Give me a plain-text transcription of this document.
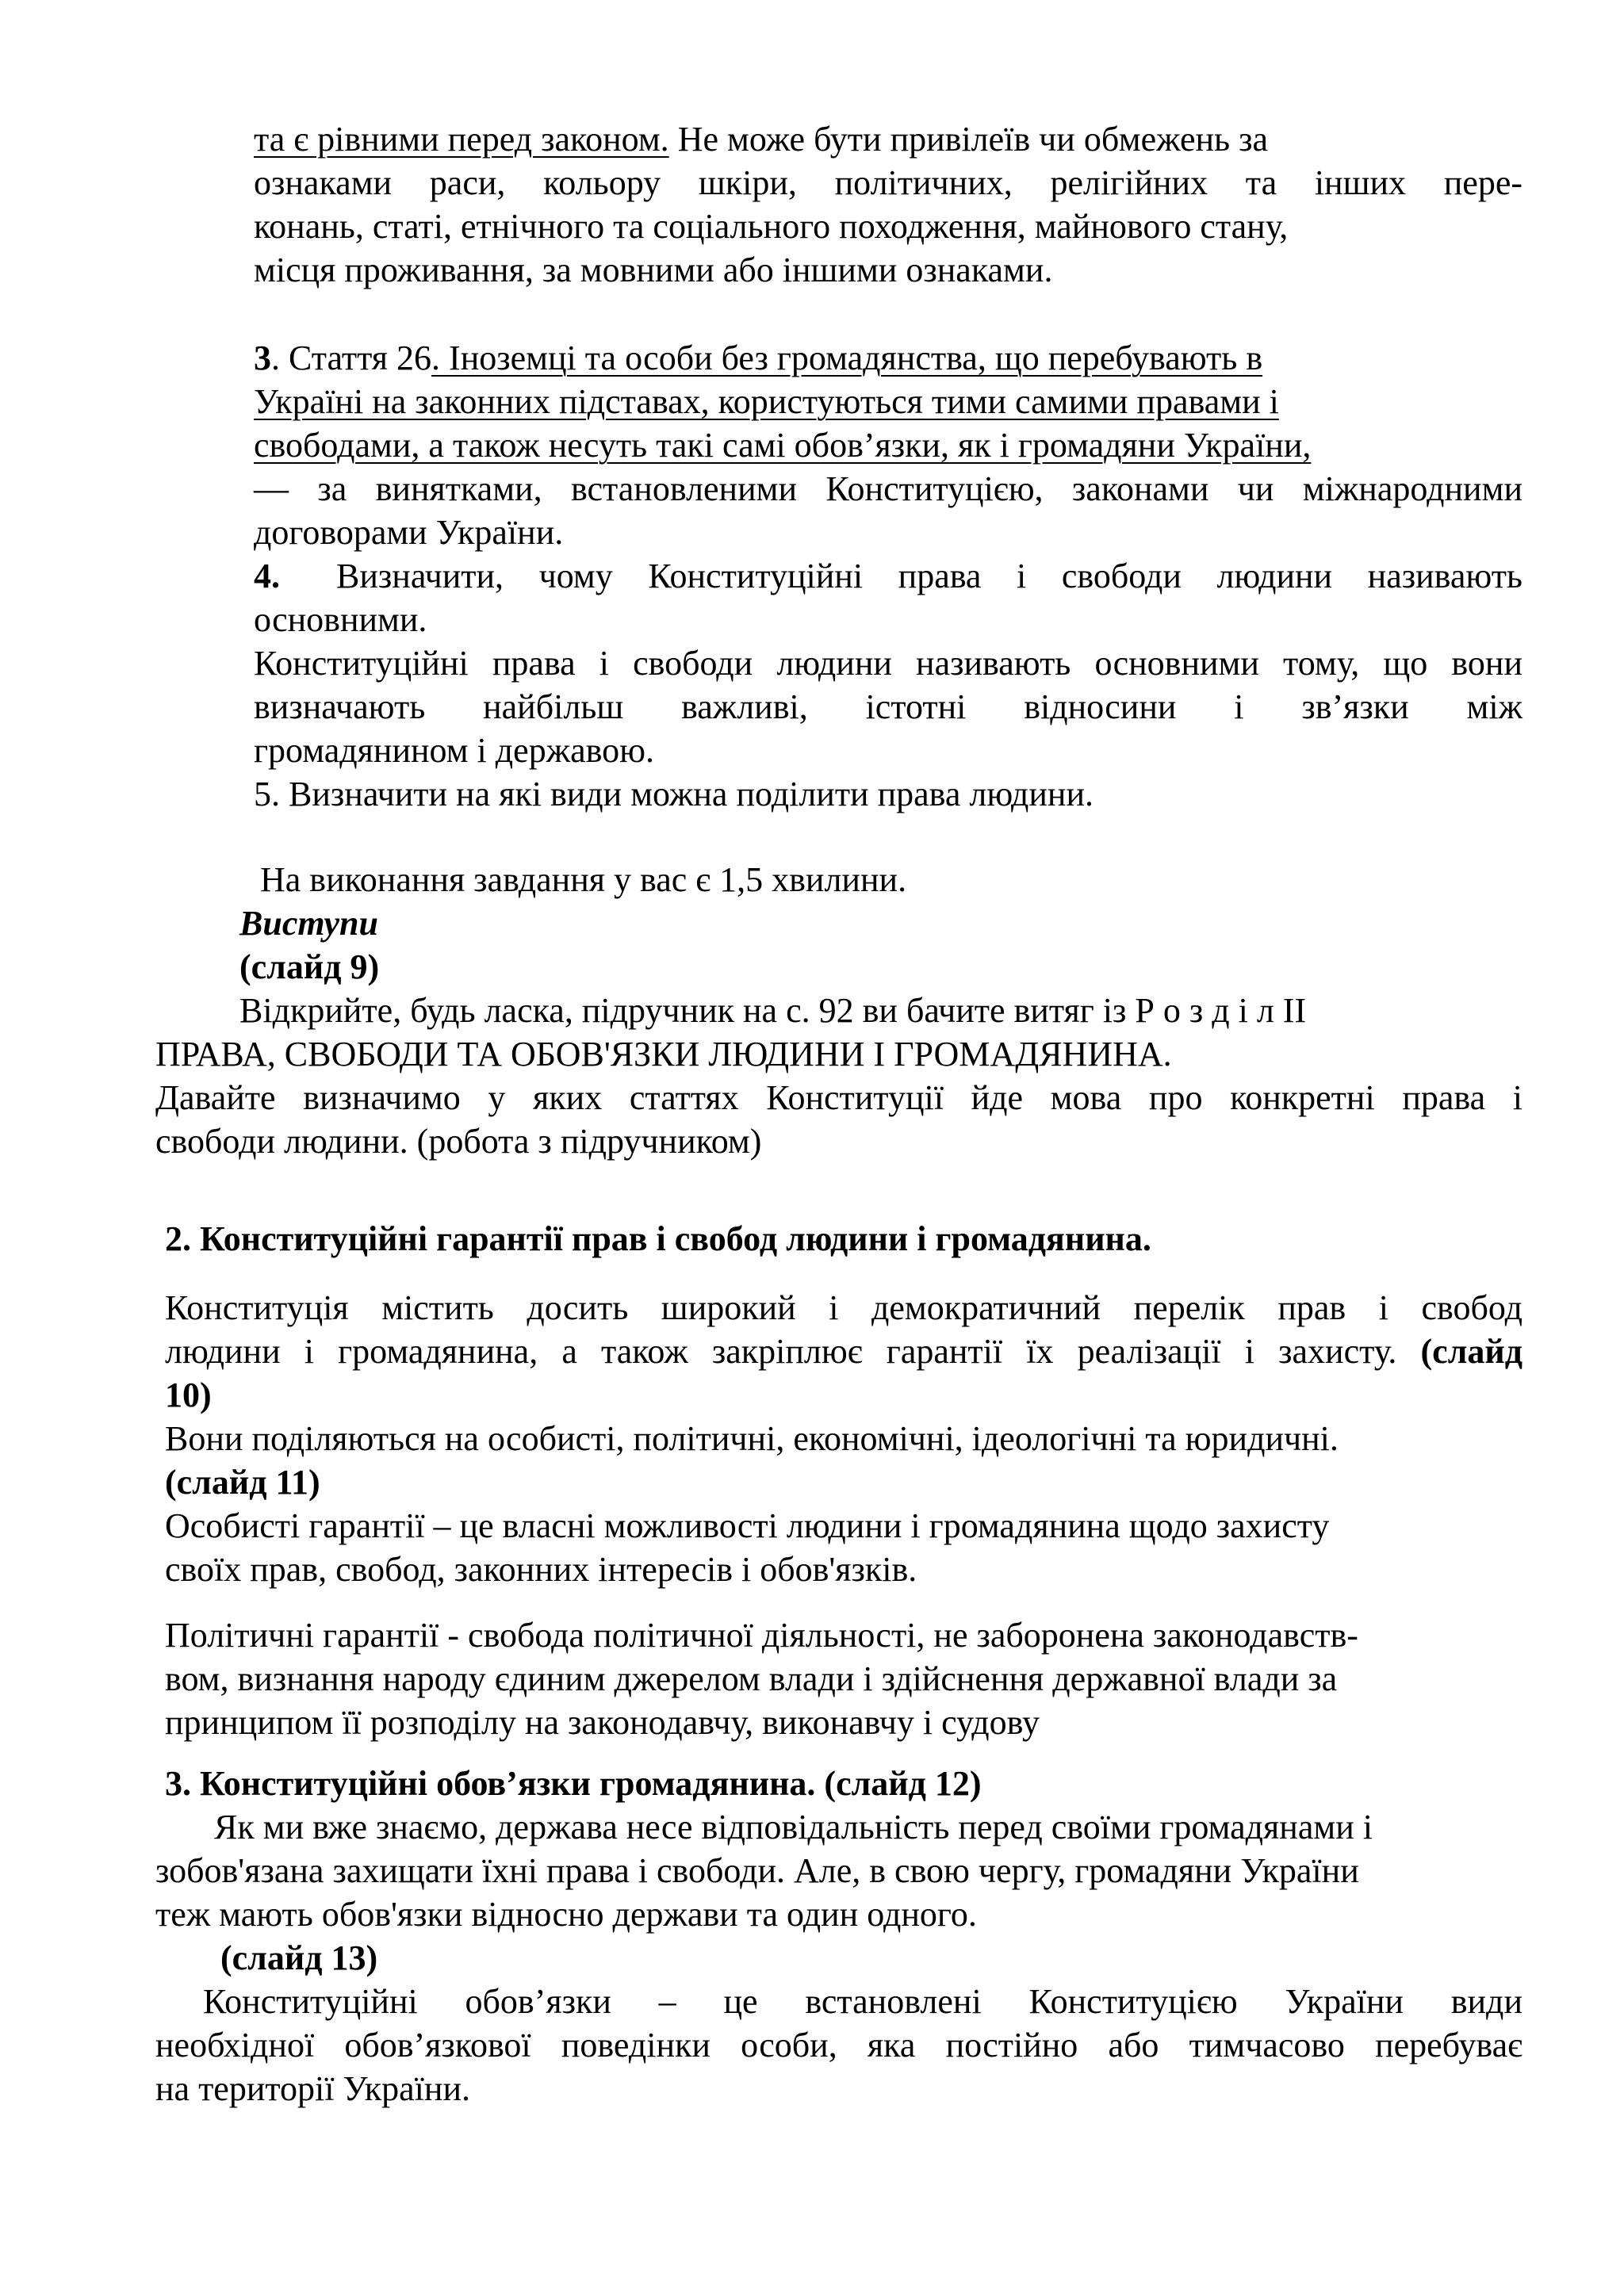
та є рівними перед законом. Не може бути привілеїв чи обмежень за
ознаками раси, кольору шкіри, політичних, релігійних та інших пере-
конань, статі, етнічного та соціального походження, майнового стану,
місця проживання, за мовними або іншими ознаками.
3. Стаття 26. Іноземці та особи без громадянства, що перебувають в
Україні на законних підставах, користуються тими самими правами і
свободами, а також несуть такі самі обов’язки, як і громадяни України,
— за винятками, встановленими Конституцією, законами чи міжнародними
договорами України.
4.	Визначити, чому Конституційні права і свободи людини називають
основними.
Конституційні права і свободи людини називають основними тому, що вони
визначають найбільш важливі, істотні відносини і зв’язки між
громадянином і державою.
5. Визначити на які види можна поділити права людини.
На виконання завдання у вас є 1,5 хвилини.
Виступи
(слайд 9)
Відкрийте, будь ласка, підручник на с. 92 ви бачите витяг із Р о з д і л II
ПРАВА, СВОБОДИ ТА ОБОВ'ЯЗКИ ЛЮДИНИ І ГРОМАДЯНИНА.
Давайте визначимо у яких статтях Конституції йде мова про конкретні права і
свободи людини. (робота з підручником)
2. Конституційні гарантії прав і свобод людини і громадянина.
Конституція містить досить широкий і демократичний перелік прав і свобод
людини і громадянина, а також закріплює гарантії їх реалізації і захисту. (слайд
10)
Вони поділяються на особисті, політичні, економічні, ідеологічні та юридичні.
(слайд 11)
Особисті гарантії – це власні можливості людини і громадянина щодо захисту
своїх прав, свобод, законних інтересів і обов'язків.
Політичні гарантії - свобода політичної діяльності, не заборонена законодавств-
вом, визнання народу єдиним джерелом влади і здійснення державної влади за
принципом її розподілу на законодавчу, виконавчу і судову
3. Конституційні обов’язки громадянина. (слайд 12)
Як ми вже знаємо, держава несе відповідальність перед своїми громадянами і
зобов'язана захищати їхні права і свободи. Але, в свою чергу, громадяни України
теж мають обов'язки відносно держави та один одного.
(слайд 13)
Конституційні обов’язки – це встановлені Конституцією України види
необхідної обов’язкової поведінки особи, яка постійно або тимчасово перебуває
на території України.
